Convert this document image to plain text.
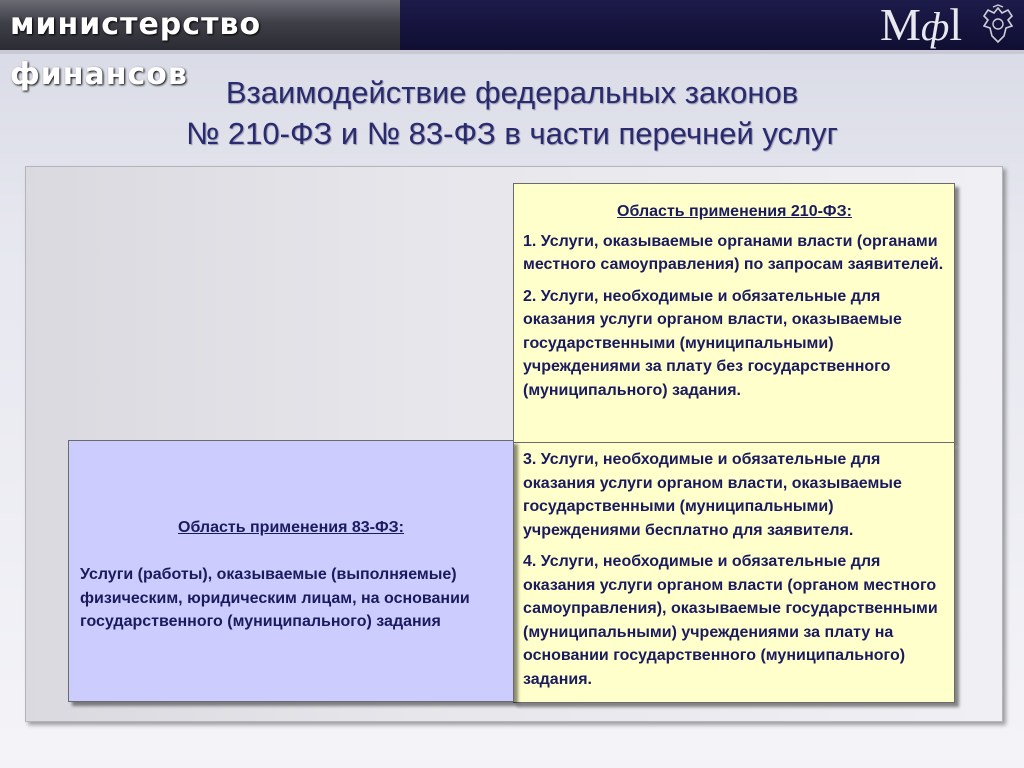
министерство финансов
Мфl
Взаимодействие федеральных законов
№ 210-ФЗ и № 83-ФЗ в части перечней услуг
Область применения 210-ФЗ:
1. Услуги, оказываемые органами власти (органами местного самоуправления) по запросам заявителей.
2. Услуги, необходимые и обязательные для оказания услуги органом власти, оказываемые государственными (муниципальными) учреждениями за плату без государственного (муниципального) задания.
3. Услуги, необходимые и обязательные для оказания услуги органом власти, оказываемые государственными (муниципальными) учреждениями бесплатно для заявителя.
4. Услуги, необходимые и обязательные для оказания услуги органом власти (органом местного самоуправления), оказываемые государственными (муниципальными) учреждениями за плату на основании государственного (муниципального) задания.
Область применения 83-ФЗ:
Услуги (работы), оказываемые (выполняемые) физическим, юридическим лицам, на основании государственного (муниципального) задания
